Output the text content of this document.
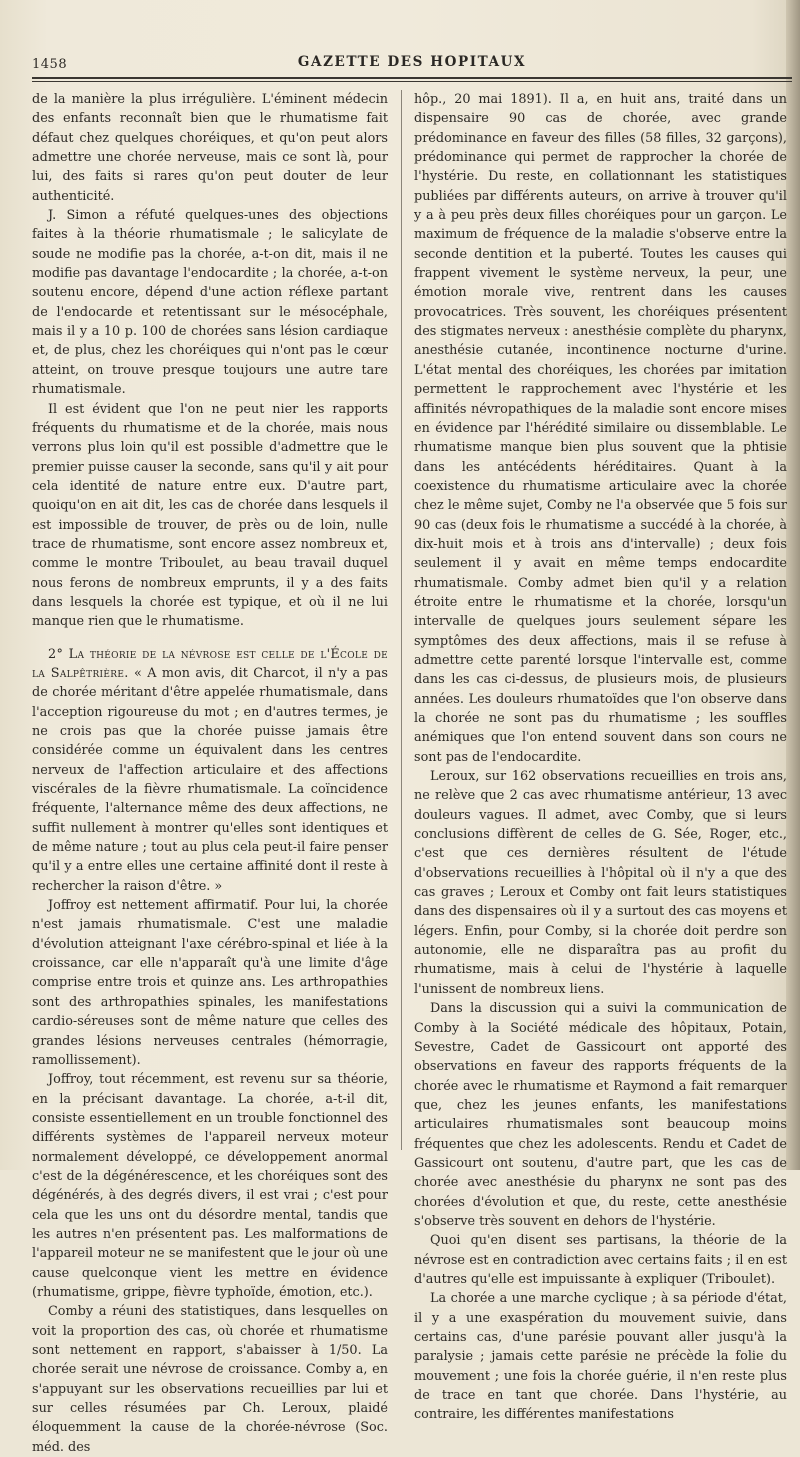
1458	GAZETTE DES HOPITAUX

de la manière la plus irrégulière. L'éminent médecin des enfants reconnaît bien que le rhumatisme fait défaut chez quelques choréiques, et qu'on peut alors admettre une chorée nerveuse, mais ce sont là, pour lui, des faits si rares qu'on peut douter de leur authenticité.

J. Simon a réfuté quelques-unes des objections faites à la théorie rhumatismale ; le salicylate de soude ne modifie pas la chorée, a-t-on dit, mais il ne modifie pas davantage l'endocardite ; la chorée, a-t-on soutenu encore, dépend d'une action réflexe partant de l'endocarde et retentissant sur le mésocéphale, mais il y a 10 p. 100 de chorées sans lésion cardiaque et, de plus, chez les choréiques qui n'ont pas le cœur atteint, on trouve presque toujours une autre tare rhumatismale.

Il est évident que l'on ne peut nier les rapports fréquents du rhumatisme et de la chorée, mais nous verrons plus loin qu'il est possible d'admettre que le premier puisse causer la seconde, sans qu'il y ait pour cela identité de nature entre eux. D'autre part, quoiqu'on en ait dit, les cas de chorée dans lesquels il est impossible de trouver, de près ou de loin, nulle trace de rhumatisme, sont encore assez nombreux et, comme le montre Triboulet, au beau travail duquel nous ferons de nombreux emprunts, il y a des faits dans lesquels la chorée est typique, et où il ne lui manque rien que le rhumatisme.

2° La théorie de la névrose est celle de l'École de la Salpêtrière. « A mon avis, dit Charcot, il n'y a pas de chorée méritant d'être appelée rhumatismale, dans l'acception rigoureuse du mot ; en d'autres termes, je ne crois pas que la chorée puisse jamais être considérée comme un équivalent dans les centres nerveux de l'affection articulaire et des affections viscérales de la fièvre rhumatismale. La coïncidence fréquente, l'alternance même des deux affections, ne suffit nullement à montrer qu'elles sont identiques et de même nature ; tout au plus cela peut-il faire penser qu'il y a entre elles une certaine affinité dont il reste à rechercher la raison d'être. »

Joffroy est nettement affirmatif. Pour lui, la chorée n'est jamais rhumatismale. C'est une maladie d'évolution atteignant l'axe cérébro-spinal et liée à la croissance, car elle n'apparaît qu'à une limite d'âge comprise entre trois et quinze ans. Les arthropathies sont des arthropathies spinales, les manifestations cardio-séreuses sont de même nature que celles des grandes lésions nerveuses centrales (hémorragie, ramollissement).

Joffroy, tout récemment, est revenu sur sa théorie, en la précisant davantage. La chorée, a-t-il dit, consiste essentiellement en un trouble fonctionnel des différents systèmes de l'appareil nerveux moteur normalement développé, ce développement anormal c'est de la dégénérescence, et les choréiques sont des dégénérés, à des degrés divers, il est vrai ; c'est pour cela que les uns ont du désordre mental, tandis que les autres n'en présentent pas. Les malformations de l'appareil moteur ne se manifestent que le jour où une cause quelconque vient les mettre en évidence (rhumatisme, grippe, fièvre typhoïde, émotion, etc.).

Comby a réuni des statistiques, dans lesquelles on voit la proportion des cas, où chorée et rhumatisme sont nettement en rapport, s'abaisser à 1/50. La chorée serait une névrose de croissance. Comby a, en s'appuyant sur les observations recueillies par lui et sur celles résumées par Ch. Leroux, plaidé éloquemment la cause de la chorée-névrose (Soc. méd. des

hôp., 20 mai 1891). Il a, en huit ans, traité dans un dispensaire 90 cas de chorée, avec grande prédominance en faveur des filles (58 filles, 32 garçons), prédominance qui permet de rapprocher la chorée de l'hystérie. Du reste, en collationnant les statistiques publiées par différents auteurs, on arrive à trouver qu'il y a à peu près deux filles choréiques pour un garçon. Le maximum de fréquence de la maladie s'observe entre la seconde dentition et la puberté. Toutes les causes qui frappent vivement le système nerveux, la peur, une émotion morale vive, rentrent dans les causes provocatrices. Très souvent, les choréiques présentent des stigmates nerveux : anesthésie complète du pharynx, anesthésie cutanée, incontinence nocturne d'urine. L'état mental des choréiques, les chorées par imitation permettent le rapprochement avec l'hystérie et les affinités névropathiques de la maladie sont encore mises en évidence par l'hérédité similaire ou dissemblable. Le rhumatisme manque bien plus souvent que la phtisie dans les antécédents héréditaires. Quant à la coexistence du rhumatisme articulaire avec la chorée chez le même sujet, Comby ne l'a observée que 5 fois sur 90 cas (deux fois le rhumatisme a succédé à la chorée, à dix-huit mois et à trois ans d'intervalle) ; deux fois seulement il y avait en même temps endocardite rhumatismale. Comby admet bien qu'il y a relation étroite entre le rhumatisme et la chorée, lorsqu'un intervalle de quelques jours seulement sépare les symptômes des deux affections, mais il se refuse à admettre cette parenté lorsque l'intervalle est, comme dans les cas ci-dessus, de plusieurs mois, de plusieurs années. Les douleurs rhumatoïdes que l'on observe dans la chorée ne sont pas du rhumatisme ; les souffles anémiques que l'on entend souvent dans son cours ne sont pas de l'endocardite.

Leroux, sur 162 observations recueillies en trois ans, ne relève que 2 cas avec rhumatisme antérieur, 13 avec douleurs vagues. Il admet, avec Comby, que si leurs conclusions diffèrent de celles de G. Sée, Roger, etc., c'est que ces dernières résultent de l'étude d'observations recueillies à l'hôpital où il n'y a que des cas graves ; Leroux et Comby ont fait leurs statistiques dans des dispensaires où il y a surtout des cas moyens et légers. Enfin, pour Comby, si la chorée doit perdre son autonomie, elle ne disparaîtra pas au profit du rhumatisme, mais à celui de l'hystérie à laquelle l'unissent de nombreux liens.

Dans la discussion qui a suivi la communication de Comby à la Société médicale des hôpitaux, Potain, Sevestre, Cadet de Gassicourt ont apporté des observations en faveur des rapports fréquents de la chorée avec le rhumatisme et Raymond a fait remarquer que, chez les jeunes enfants, les manifestations articulaires rhumatismales sont beaucoup moins fréquentes que chez les adolescents. Rendu et Cadet de Gassicourt ont soutenu, d'autre part, que les cas de chorée avec anesthésie du pharynx ne sont pas des chorées d'évolution et que, du reste, cette anesthésie s'observe très souvent en dehors de l'hystérie.

Quoi qu'en disent ses partisans, la théorie de la névrose est en contradiction avec certains faits ; il en est d'autres qu'elle est impuissante à expliquer (Triboulet).

La chorée a une marche cyclique ; à sa période d'état, il y a une exaspération du mouvement suivie, dans certains cas, d'une parésie pouvant aller jusqu'à la paralysie ; jamais cette parésie ne précède la folie du mouvement ; une fois la chorée guérie, il n'en reste plus de trace en tant que chorée. Dans l'hystérie, au contraire, les différentes manifestations
